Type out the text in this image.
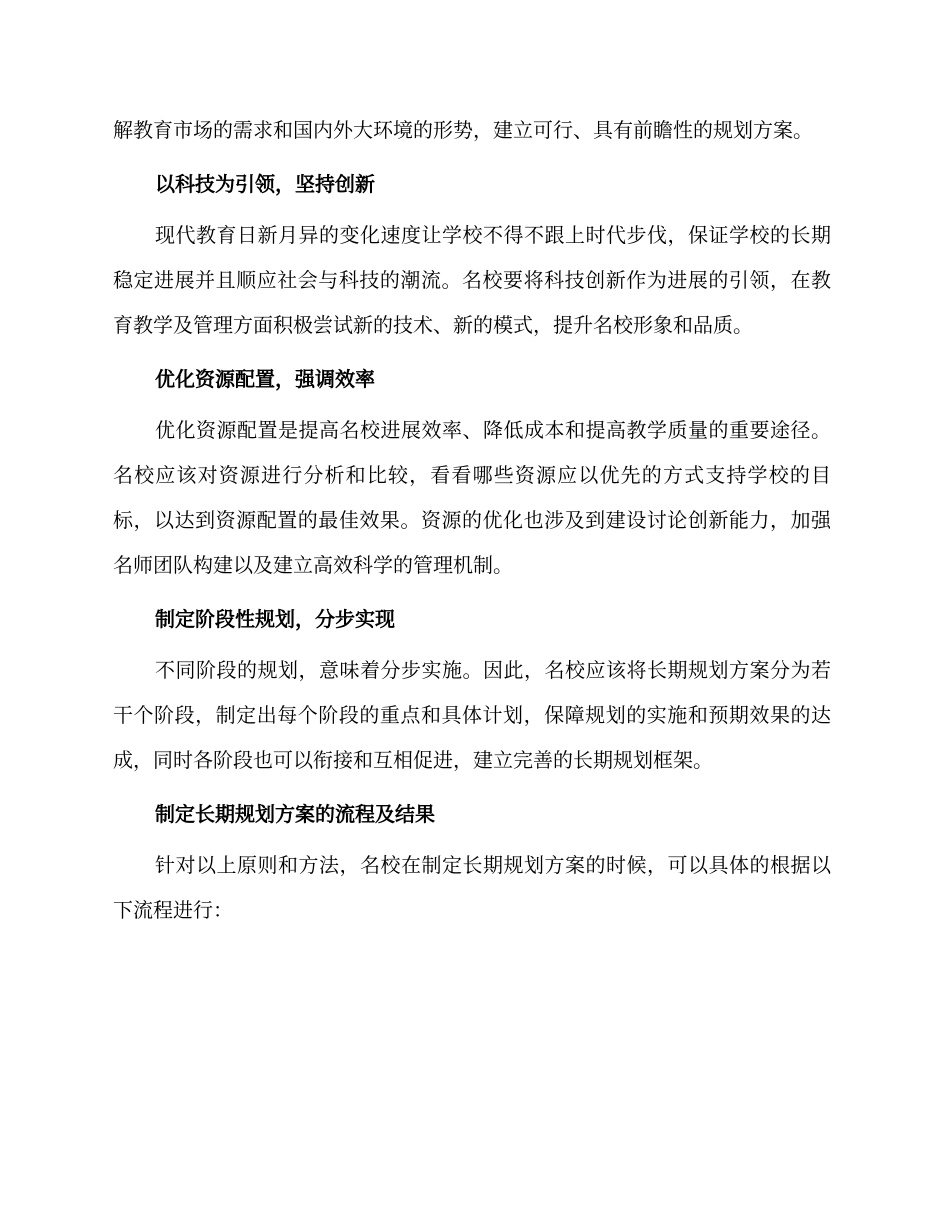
解教育市场的需求和国内外大环境的形势，建立可行、具有前瞻性的规划方案。

以科技为引领，坚持创新

现代教育日新月异的变化速度让学校不得不跟上时代步伐，保证学校的长期稳定进展并且顺应社会与科技的潮流。名校要将科技创新作为进展的引领，在教育教学及管理方面积极尝试新的技术、新的模式，提升名校形象和品质。

优化资源配置，强调效率

优化资源配置是提高名校进展效率、降低成本和提高教学质量的重要途径。名校应该对资源进行分析和比较，看看哪些资源应以优先的方式支持学校的目标，以达到资源配置的最佳效果。资源的优化也涉及到建设讨论创新能力，加强名师团队构建以及建立高效科学的管理机制。

制定阶段性规划，分步实现

不同阶段的规划，意味着分步实施。因此，名校应该将长期规划方案分为若干个阶段，制定出每个阶段的重点和具体计划，保障规划的实施和预期效果的达成，同时各阶段也可以衔接和互相促进，建立完善的长期规划框架。

制定长期规划方案的流程及结果

针对以上原则和方法，名校在制定长期规划方案的时候，可以具体的根据以下流程进行：
